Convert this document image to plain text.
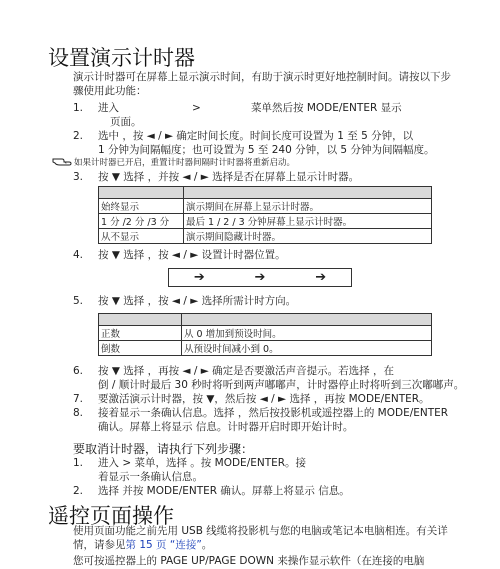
设置演示计时器
演示计时器可在屏幕上显示演示时间，有助于演示时更好地控制时间。请按以下步
骤使用此功能：
1.	进入	>	菜单然后按 MODE/ENTER 显示
页面。
2.	选中 ，按 ◄ / ► 确定时间长度。时间长度可设置为 1 至 5 分钟，以
1 分钟为间隔幅度；也可设置为 5 至 240 分钟，以 5 分钟为间隔幅度。
如果计时器已开启，重置计时器间隔时计时器将重新启动。
3.	按 ▼ 选择 ，并按 ◄ / ► 选择是否在屏幕上显示计时器。

始终显示	演示期间在屏幕上显示计时器。
1 分 /2 分 /3 分	最后 1 / 2 / 3 分钟屏幕上显示计时器。
从不显示	演示期间隐藏计时器。
4.	按 ▼ 选择 ，按 ◄ / ► 设置计时器位置。
➔	➔	➔
5.	按 ▼ 选择 ，按 ◄ / ► 选择所需计时方向。

正数	从 0 增加到预设时间。
倒数	从预设时间减小到 0。
6.	按 ▼ 选择 ，再按 ◄ / ► 确定是否要激活声音提示。若选择 ，在
倒 / 顺计时最后 30 秒时将听到两声嘟嘟声，计时器停止时将听到三次嘟嘟声。
7.	要激活演示计时器，按 ▼，然后按 ◄ / ► 选择 ，再按 MODE/ENTER。
8.	接着显示一条确认信息。选择 ，然后按投影机或遥控器上的 MODE/ENTER
确认。屏幕上将显示 信息。计时器开启时即开始计时。
要取消计时器，请执行下列步骤：
1.	进入 > 菜单，选择 。按 MODE/ENTER。接
着显示一条确认信息。
2.	选择 并按 MODE/ENTER 确认。屏幕上将显示 信息。
遥控页面操作
使用页面功能之前先用 USB 线缆将投影机与您的电脑或笔记本电脑相连。有关详
情，请参见第 15 页 “连接”。
您可按遥控器上的 PAGE UP/PAGE DOWN 来操作显示软件（在连接的电脑
